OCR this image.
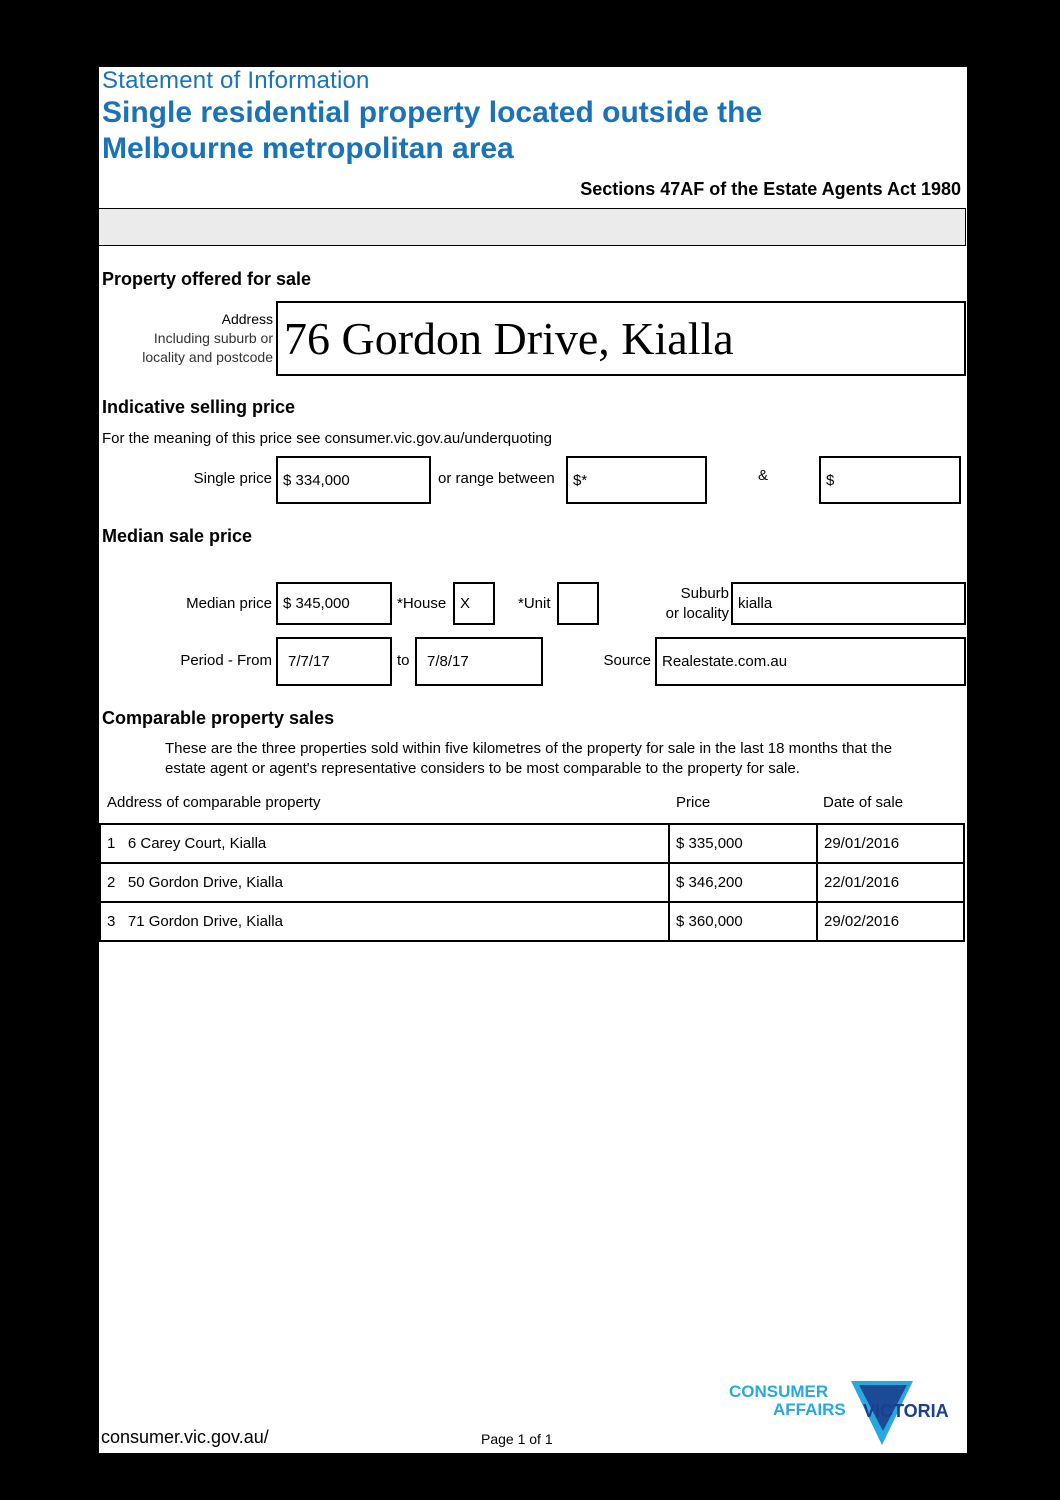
Statement of Information
Single residential property located outside the
Melbourne metropolitan area
Sections 47AF of the Estate Agents Act 1980
Property offered for sale
Address
Including suburb or
locality and postcode 76 Gordon Drive, Kialla
Indicative selling price
For the meaning of this price see consumer.vic.gov.au/underquoting
Single price $ 334,000	or range between	$*	&	$
Median sale price
Median price $ 345,000	*House X	*Unit
Suburb
or locality
kialla
Period - From	7/7/17	to	7/8/17	Source Realestate.com.au
Comparable property sales
These are the three properties sold within five kilometres of the property for sale in the last 18 months that the
estate agent or agent's representative considers to be most comparable to the property for sale.
Address of comparable property	Price	Date of sale
1 6 Carey Court, Kialla	$ 335,000	29/01/2016
2 50 Gordon Drive, Kialla	$ 346,200	22/01/2016
3 71 Gordon Drive, Kialla	$ 360,000	29/02/2016
consumer.vic.gov.au/	Page 1 of 1
CONSUMER
AFFAIRS VICTORIA
